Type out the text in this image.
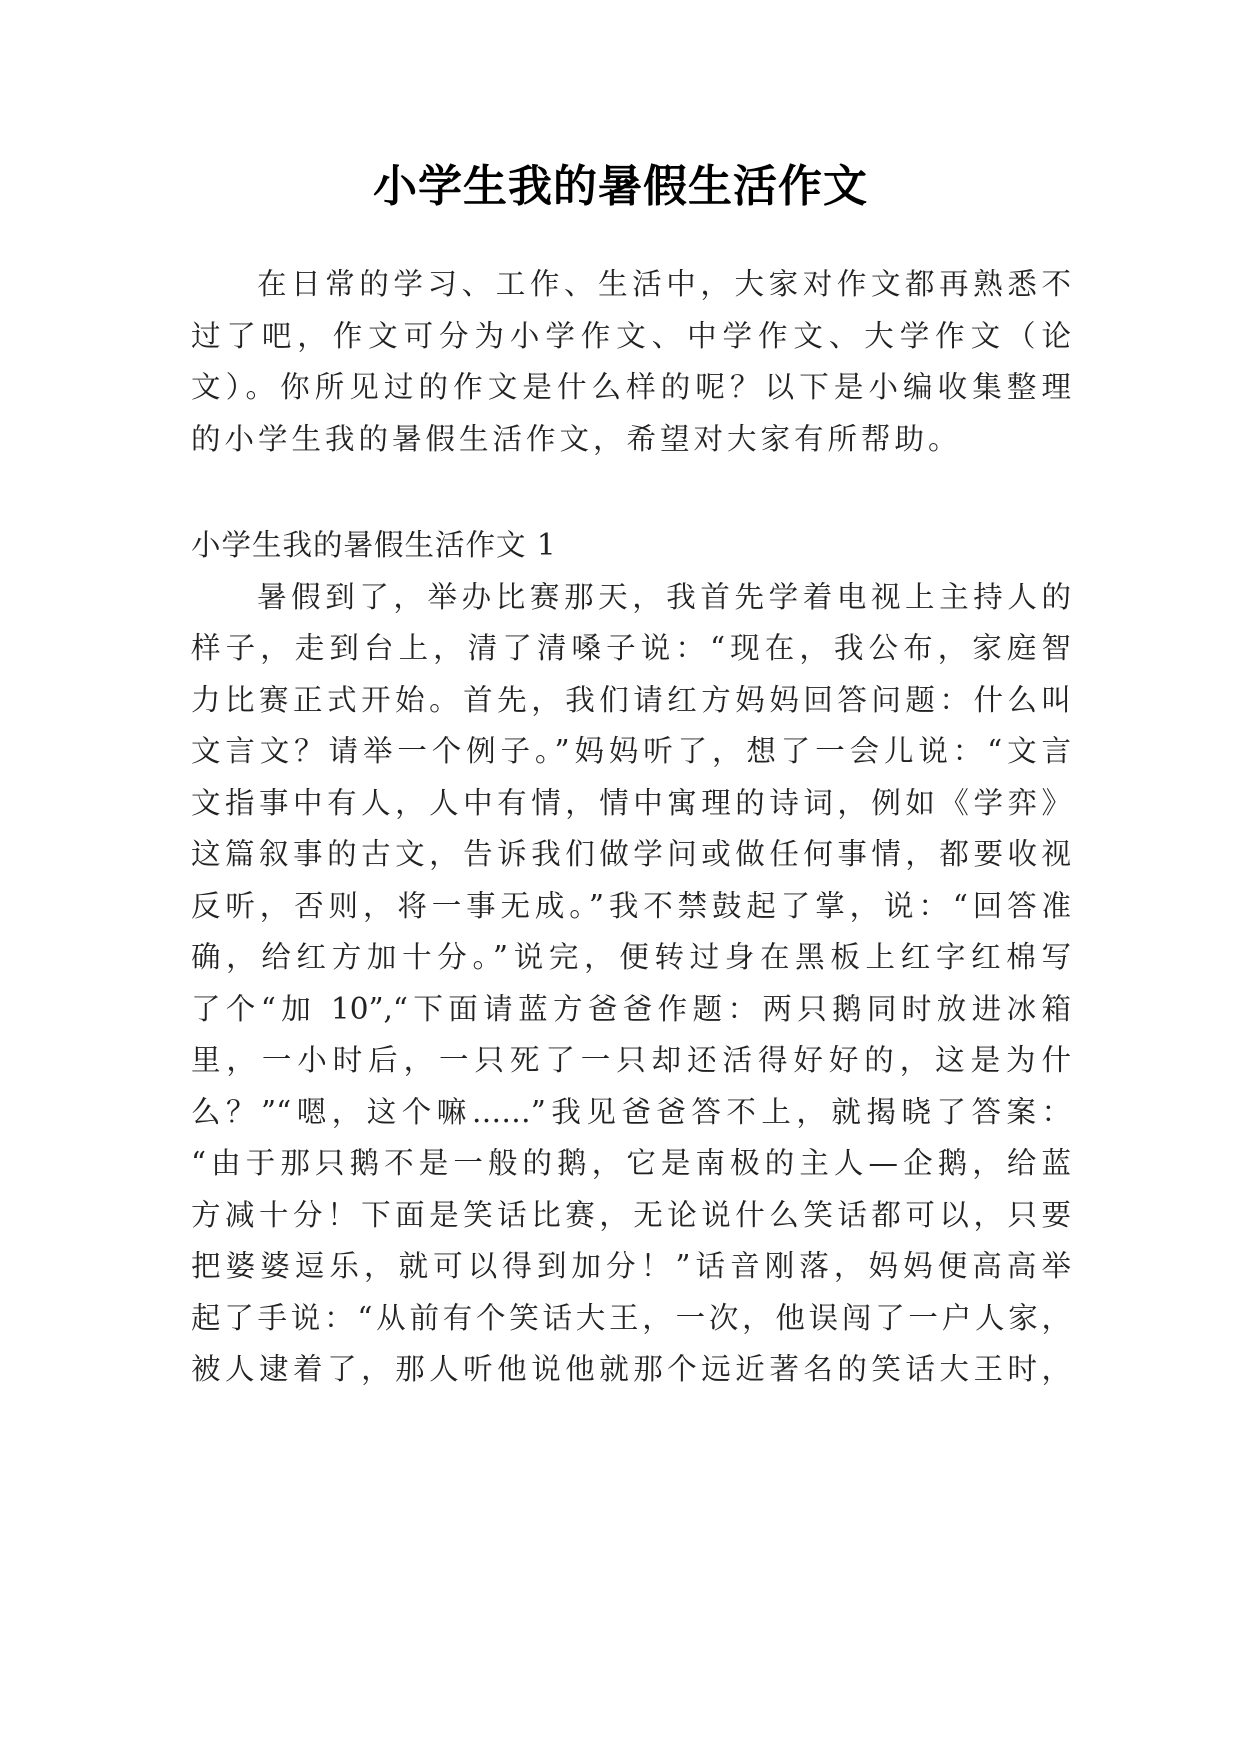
小学生我的暑假生活作文

在日常的学习、工作、生活中，大家对作文都再熟悉不

过了吧，作文可分为小学作文、中学作文、大学作文（论

文）。你所见过的作文是什么样的呢？以下是小编收集整理

的小学生我的暑假生活作文，希望对大家有所帮助。

小学生我的暑假生活作文 1

暑假到了，举办比赛那天，我首先学着电视上主持人的

样子，走到台上，清了清嗓子说：“现在，我公布，家庭智

力比赛正式开始。首先，我们请红方妈妈回答问题：什么叫

文言文？请举一个例子。”妈妈听了，想了一会儿说：“文言

文指事中有人，人中有情，情中寓理的诗词，例如《学弈》

这篇叙事的古文，告诉我们做学问或做任何事情，都要收视

反听，否则，将一事无成。”我不禁鼓起了掌，说：“回答准

确，给红方加十分。”说完，便转过身在黑板上红字红棉写

了个“加 10”,“下面请蓝方爸爸作题：两只鹅同时放进冰箱

里，一小时后，一只死了一只却还活得好好的，这是为什

么？”“嗯，这个嘛……”我见爸爸答不上，就揭晓了答案：

“由于那只鹅不是一般的鹅，它是南极的主人—企鹅，给蓝

方减十分！下面是笑话比赛，无论说什么笑话都可以，只要

把婆婆逗乐，就可以得到加分！”话音刚落，妈妈便高高举

起了手说：“从前有个笑话大王，一次，他误闯了一户人家，

被人逮着了，那人听他说他就那个远近著名的笑话大王时，
